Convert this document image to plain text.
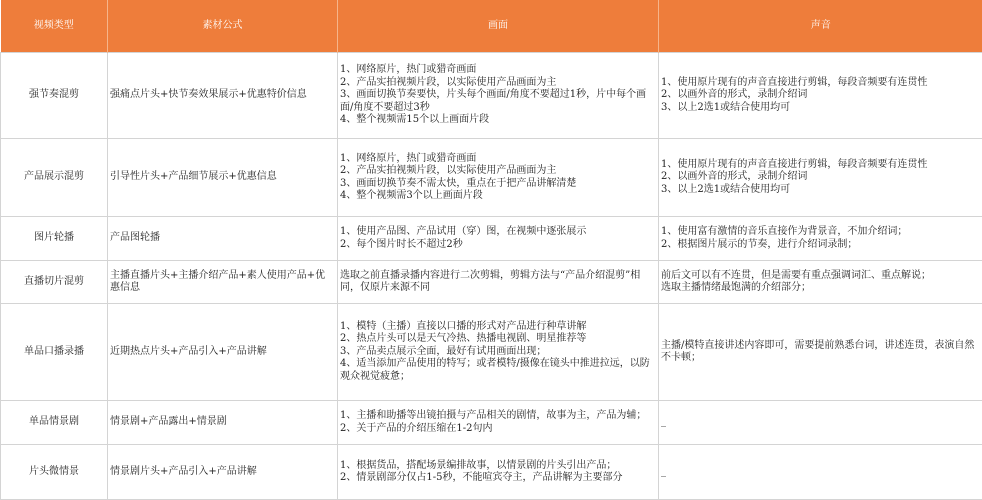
视频类型	素材公式	画面	声音
强节奏混剪	强痛点片头+快节奏效果展示+优惠特价信息	1、网络原片，热门或猎奇画面
2、产品实拍视频片段，以实际使用产品画面为主
3、画面切换节奏要快，片头每个画面/角度不要超过1秒，片中每个画面/角度不要超过3秒
4、整个视频需15个以上画面片段	1、使用原片现有的声音直接进行剪辑，每段音频要有连贯性
2、以画外音的形式，录制介绍词
3、以上2选1或结合使用均可
产品展示混剪	引导性片头+产品细节展示+优惠信息	1、网络原片，热门或猎奇画面
2、产品实拍视频片段，以实际使用产品画面为主
3、画面切换节奏不需太快，重点在于把产品讲解清楚
4、整个视频需3个以上画面片段	1、使用原片现有的声音直接进行剪辑，每段音频要有连贯性
2、以画外音的形式，录制介绍词
3、以上2选1或结合使用均可
图片轮播	产品图轮播	1、使用产品图、产品试用（穿）图，在视频中逐张展示
2、每个图片时长不超过2秒	1、使用富有激情的音乐直接作为背景音，不加介绍词；
2、根据图片展示的节奏，进行介绍词录制；
直播切片混剪	主播直播片头+主播介绍产品+素人使用产品+优惠信息	选取之前直播录播内容进行二次剪辑，剪辑方法与“产品介绍混剪”相同，仅原片来源不同	前后文可以有不连贯，但是需要有重点强调词汇、重点解说；
选取主播情绪最饱满的介绍部分；
单品口播录播	近期热点片头+产品引入+产品讲解	1、模特（主播）直接以口播的形式对产品进行种草讲解
2、热点片头可以是天气冷热、热播电视剧、明星推荐等
3、产品卖点展示全面，最好有试用画面出现；
4、适当添加产品使用的特写；或者模特/摄像在镜头中推进拉远，以防观众视觉疲惫；	主播/模特直接讲述内容即可，需要提前熟悉台词，讲述连贯，表演自然不卡顿；
单品情景剧	情景剧+产品露出+情景剧	1、主播和助播等出镜拍摄与产品相关的剧情，故事为主，产品为辅；
2、关于产品的介绍压缩在1-2句内	_
片头微情景	情景剧片头+产品引入+产品讲解	1、根据货品，搭配场景编排故事，以情景剧的片头引出产品；
2、情景剧部分仅占1-5秒，不能喧宾夺主，产品讲解为主要部分	_
